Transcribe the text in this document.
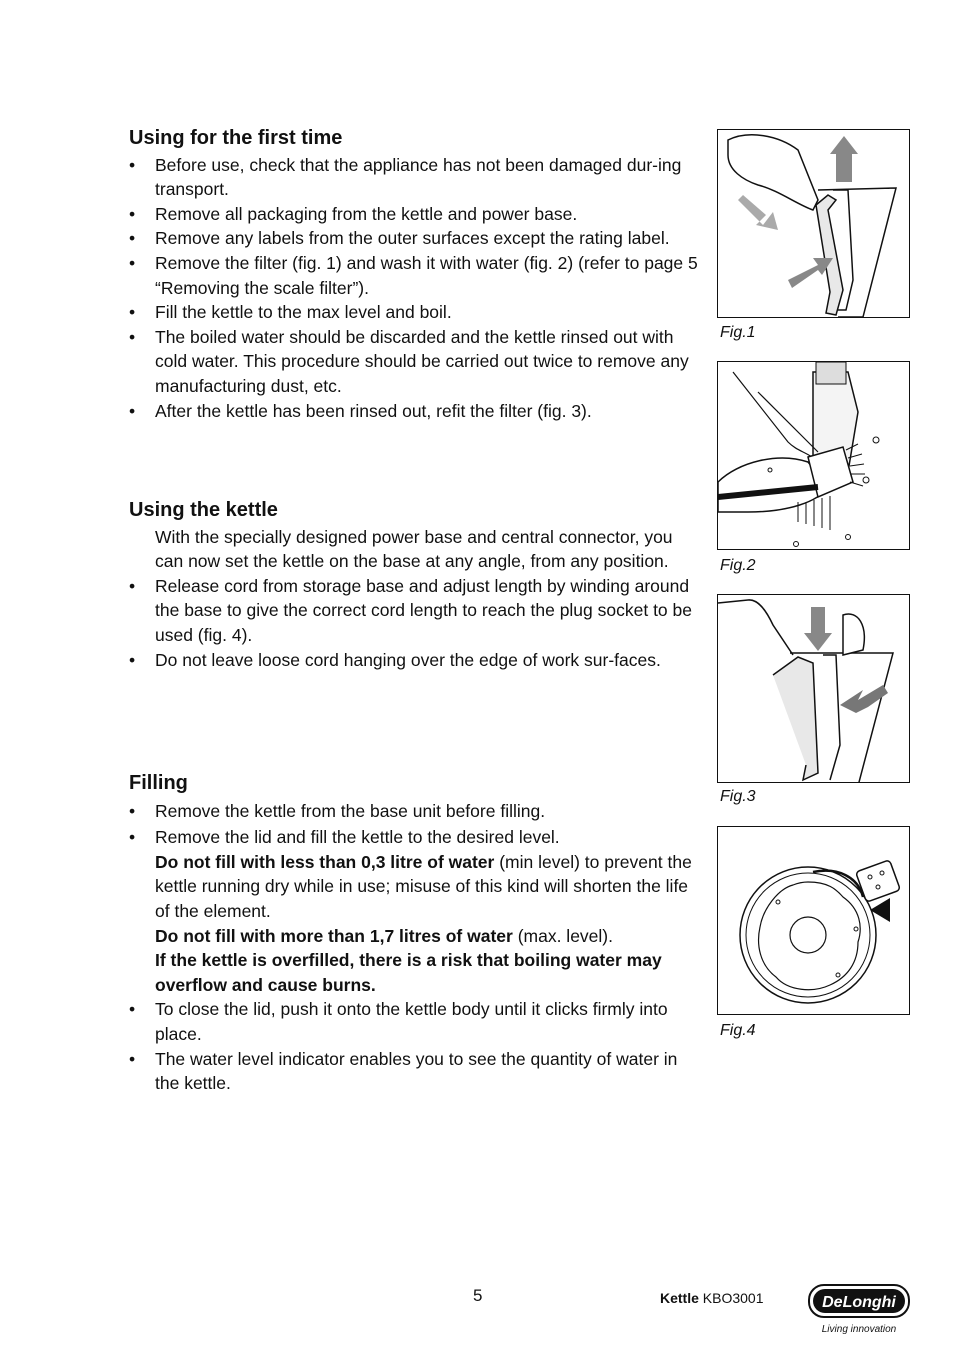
Using for the first time
• Before use, check that the appliance has not been damaged dur-ing transport.
• Remove all packaging from the kettle and power base.
• Remove any labels from the outer surfaces except the rating label.
• Remove the filter (fig. 1) and wash it with water (fig. 2) (refer to page 5 “Removing the scale filter”).
• Fill the kettle to the max level and boil.
• The boiled water should be discarded and the kettle rinsed out with cold water. This procedure should be carried out twice to remove any manufacturing dust, etc.
• After the kettle has been rinsed out, refit the filter (fig. 3).
Using the kettle
With the specially designed power base and central connector, you can now set the kettle on the base at any angle, from any position.
• Release cord from storage base and adjust length by winding around the base to give the correct cord length to reach the plug socket to be used (fig. 4).
• Do not leave loose cord hanging over the edge of work sur-faces.
Filling
• Remove the kettle from the base unit before filling.
• Remove the lid and fill the kettle to the desired level.
Do not fill with less than 0,3 litre of water (min level) to prevent the kettle running dry while in use; misuse of this kind will shorten the life of the element.
Do not fill with more than 1,7 litres of water (max. level).
If the kettle is overfilled, there is a risk that boiling water may overflow and cause burns.
• To close the lid, push it onto the kettle body until it clicks firmly into place.
• The water level indicator enables you to see the quantity of water in the kettle.
Fig.1
Fig.2
Fig.3
Fig.4
5	Kettle KBO3001	DeLonghi
Living innovation
